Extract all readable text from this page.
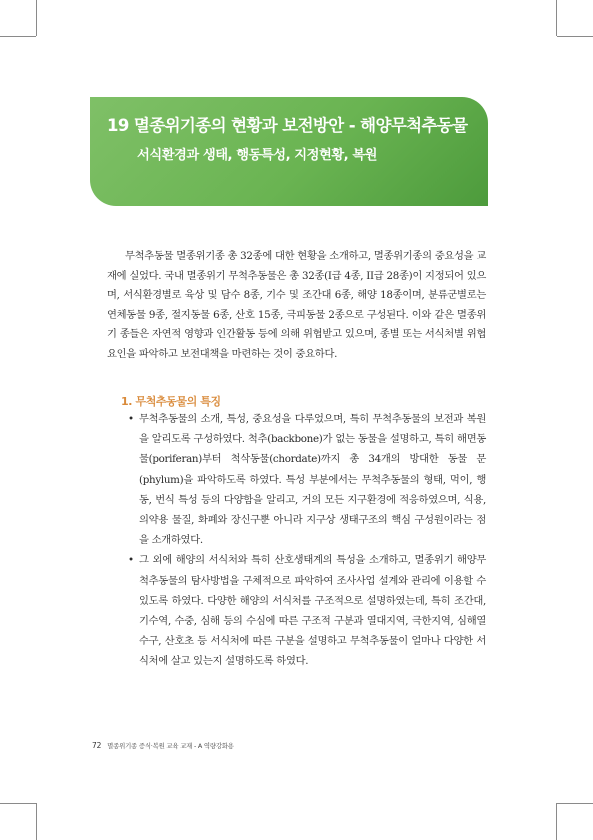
19 멸종위기종의 현황과 보전방안 - 해양무척추동물
서식환경과 생태, 행동특성, 지정현황, 복원

무척추동물 멸종위기종 총 32종에 대한 현황을 소개하고, 멸종위기종의 중요성을 교재에 실었다. 국내 멸종위기 무척추동물은 총 32종(I급 4종, II급 28종)이 지정되어 있으며, 서식환경별로 육상 및 담수 8종, 기수 및 조간대 6종, 해양 18종이며, 분류군별로는 연체동물 9종, 절지동물 6종, 산호 15종, 극피동물 2종으로 구성된다. 이와 같은 멸종위기 종들은 자연적 영향과 인간활동 등에 의해 위협받고 있으며, 종별 또는 서식처별 위협요인을 파악하고 보전대책을 마련하는 것이 중요하다.

1. 무척추동물의 특징
• 무척추동물의 소개, 특성, 중요성을 다루었으며, 특히 무척추동물의 보전과 복원을 알리도록 구성하였다. 척추(backbone)가 없는 동물을 설명하고, 특히 해면동물(poriferan)부터 척삭동물(chordate)까지 총 34개의 방대한 동물 문(phylum)을 파악하도록 하였다. 특성 부분에서는 무척추동물의 형태, 먹이, 행동, 번식 특성 등의 다양함을 알리고, 거의 모든 지구환경에 적응하였으며, 식용, 의약용 물질, 화폐와 장신구뿐 아니라 지구상 생태구조의 핵심 구성원이라는 점을 소개하였다.
• 그 외에 해양의 서식처와 특히 산호생태계의 특성을 소개하고, 멸종위기 해양무척추동물의 탐사방법을 구체적으로 파악하여 조사사업 설계와 관리에 이용할 수 있도록 하였다. 다양한 해양의 서식처를 구조적으로 설명하였는데, 특히 조간대, 기수역, 수중, 심해 등의 수심에 따른 구조적 구분과 열대지역, 극한지역, 심해열수구, 산호초 등 서식처에 따른 구분을 설명하고 무척추동물이 얼마나 다양한 서식처에 살고 있는지 설명하도록 하였다.
72 멸종위기종 증식·복원 교육 교재 - A 역량강화용
